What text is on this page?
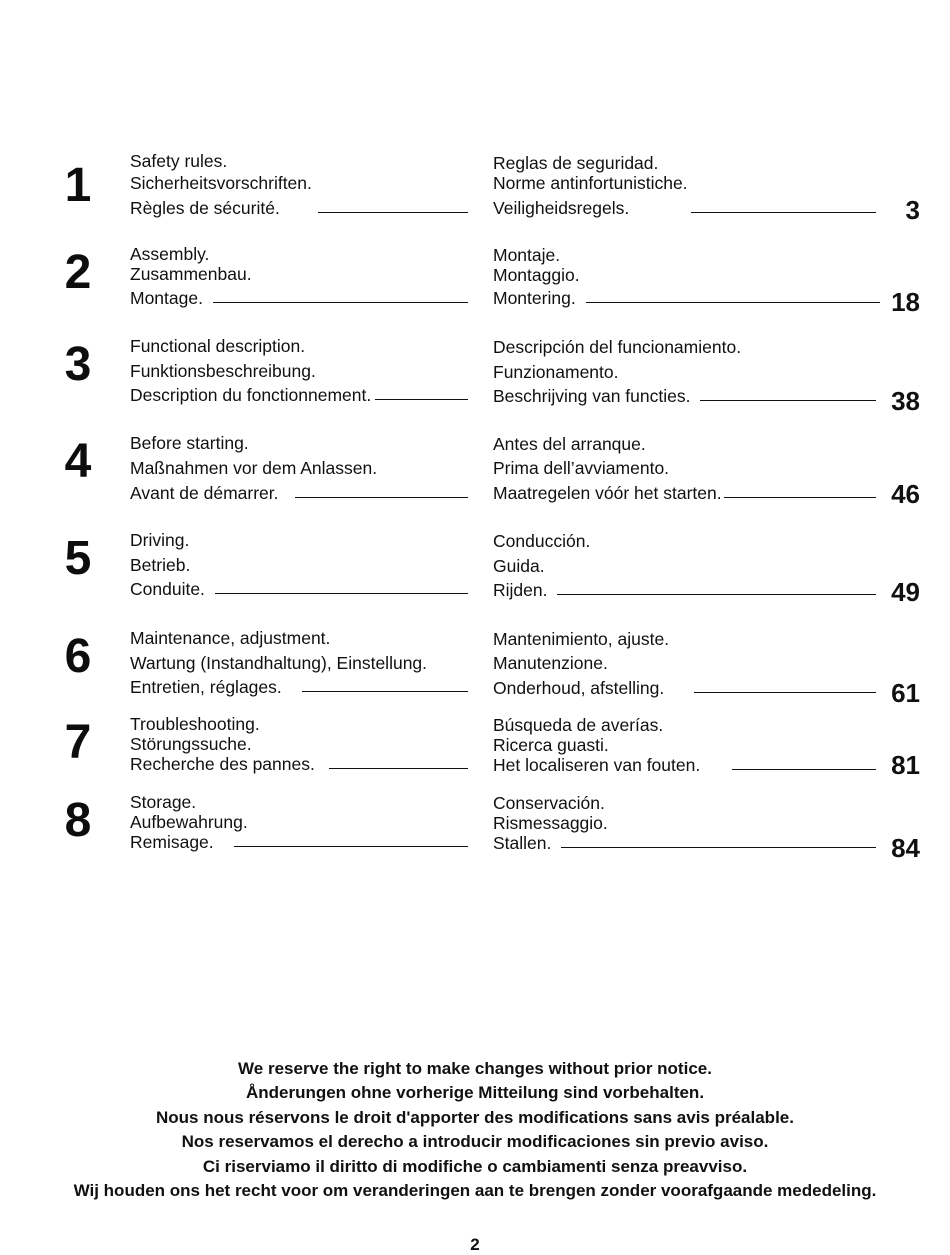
1	Safety rules.
Sicherheitsvorschriften.
Règles de sécurité.
Reglas de seguridad.
Norme antinfortunistiche.
Veiligheidsregels.	3
2	Assembly.
Zusammenbau.
Montage.
Montaje.
Montaggio.
Montering.	18
3	Functional description.
Funktionsbeschreibung.
Description du fonctionnement.
Descripción del funcionamiento.
Funzionamento.
Beschrijving van functies.	38
4	Before starting.
Maßnahmen vor dem Anlassen.
Avant de démarrer.
Antes del arranque.
Prima dell’avviamento.
Maatregelen vóór het starten.	46
5	Driving.
Betrieb.
Conduite.
Conducción.
Guida.
Rijden.	49
6	Maintenance, adjustment.
Wartung (Instandhaltung), Einstellung.
Entretien, réglages.
Mantenimiento, ajuste.
Manutenzione.
Onderhoud, afstelling.	61
7	Troubleshooting.
Störungssuche.
Recherche des pannes.
Búsqueda de averías.
Ricerca guasti.
Het localiseren van fouten.	81
8	Storage.
Aufbewahrung.
Remisage.
Conservación.
Rismessaggio.
Stallen.	84
We reserve the right to make changes without prior notice.
Ånderungen ohne vorherige Mitteilung sind vorbehalten.
Nous nous réservons le droit d'apporter des modifications sans avis préalable.
Nos reservamos el derecho a introducir modificaciones sin previo aviso.
Ci riserviamo il diritto di modifiche o cambiamenti senza preavviso.
Wij houden ons het recht voor om veranderingen aan te brengen zonder voorafgaande mededeling.
2
